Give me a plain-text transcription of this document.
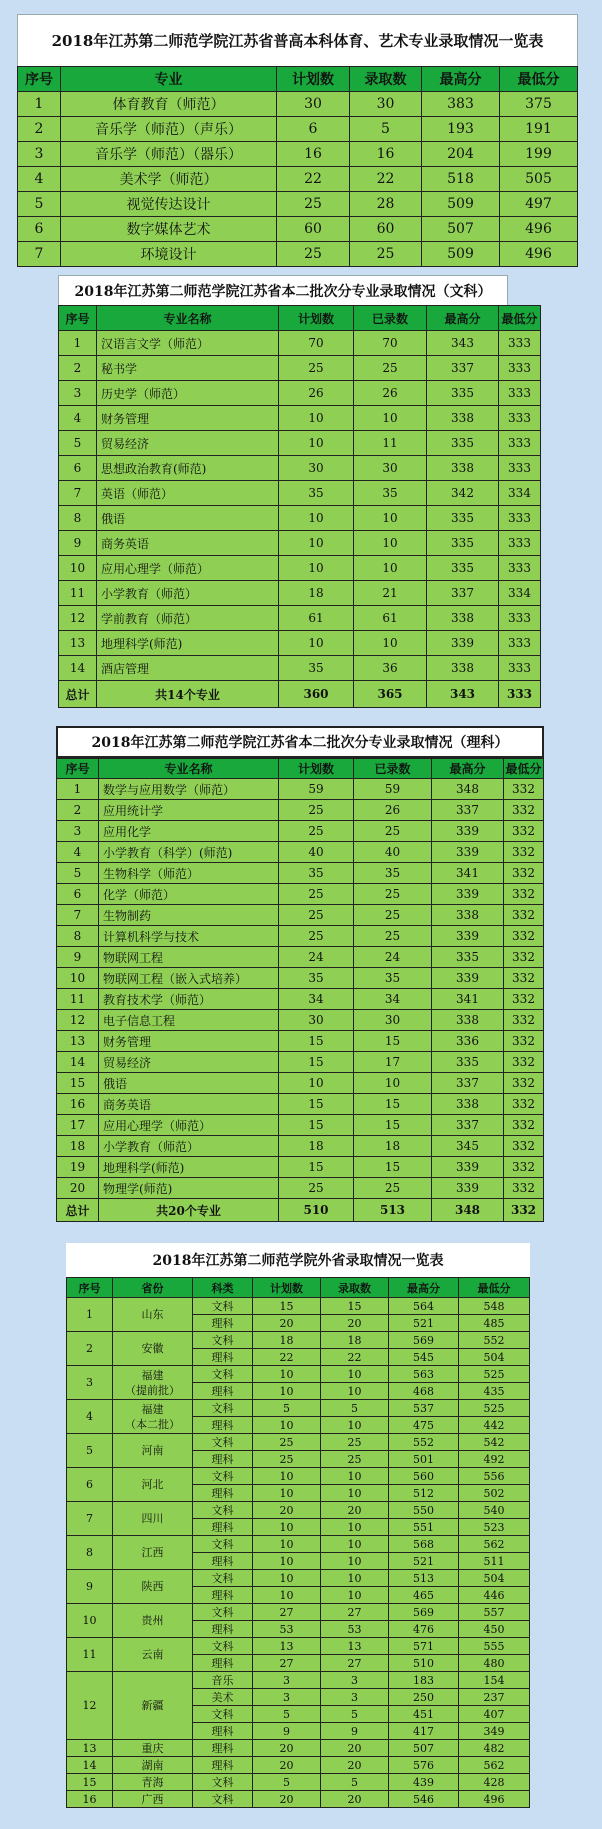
2018年江苏第二师范学院江苏省普高本科体育、艺术专业录取情况一览表
序号	专业	计划数	录取数	最高分	最低分
1	体育教育（师范）	30	30	383	375
2	音乐学（师范）（声乐）	6	5	193	191
3	音乐学（师范）（器乐）	16	16	204	199
4	美术学（师范）	22	22	518	505
5	视觉传达设计	25	28	509	497
6	数字媒体艺术	60	60	507	496
7	环境设计	25	25	509	496
2018年江苏第二师范学院江苏省本二批次分专业录取情况（文科）
序号	专业名称	计划数	已录数	最高分	最低分
1	汉语言文学（师范）	70	70	343	333
2	秘书学	25	25	337	333
3	历史学（师范）	26	26	335	333
4	财务管理	10	10	338	333
5	贸易经济	10	11	335	333
6	思想政治教育(师范)	30	30	338	333
7	英语（师范）	35	35	342	334
8	俄语	10	10	335	333
9	商务英语	10	10	335	333
10	应用心理学（师范）	10	10	335	333
11	小学教育（师范）	18	21	337	334
12	学前教育（师范）	61	61	338	333
13	地理科学(师范)	10	10	339	333
14	酒店管理	35	36	338	333
总计	共14个专业	360	365	343	333
2018年江苏第二师范学院江苏省本二批次分专业录取情况（理科）
序号	专业名称	计划数	已录数	最高分	最低分
1	数学与应用数学（师范）	59	59	348	332
2	应用统计学	25	26	337	332
3	应用化学	25	25	339	332
4	小学教育（科学）(师范)	40	40	339	332
5	生物科学（师范）	35	35	341	332
6	化学（师范）	25	25	339	332
7	生物制药	25	25	338	332
8	计算机科学与技术	25	25	339	332
9	物联网工程	24	24	335	332
10	物联网工程（嵌入式培养）	35	35	339	332
11	教育技术学（师范）	34	34	341	332
12	电子信息工程	30	30	338	332
13	财务管理	15	15	336	332
14	贸易经济	15	17	335	332
15	俄语	10	10	337	332
16	商务英语	15	15	338	332
17	应用心理学（师范）	15	15	337	332
18	小学教育（师范）	18	18	345	332
19	地理科学(师范)	15	15	339	332
20	物理学(师范)	25	25	339	332
总计	共20个专业	510	513	348	332
2018年江苏第二师范学院外省录取情况一览表
序号	省份	科类	计划数	录取数	最高分	最低分
1	山东	文科	15	15	564	548
		理科	20	20	521	485
2	安徽	文科	18	18	569	552
		理科	22	22	545	504
3	福建
（提前批）	文科	10	10	563	525
		理科	10	10	468	435
4	福建
（本二批）	文科	5	5	537	525
		理科	10	10	475	442
5	河南	文科	25	25	552	542
		理科	25	25	501	492
6	河北	文科	10	10	560	556
		理科	10	10	512	502
7	四川	文科	20	20	550	540
		理科	10	10	551	523
8	江西	文科	10	10	568	562
		理科	10	10	521	511
9	陕西	文科	10	10	513	504
		理科	10	10	465	446
10	贵州	文科	27	27	569	557
		理科	53	53	476	450
11	云南	文科	13	13	571	555
		理科	27	27	510	480
12	新疆	音乐	3	3	183	154
		美术	3	3	250	237
		文科	5	5	451	407
		理科	9	9	417	349
13	重庆	理科	20	20	507	482
14	湖南	理科	20	20	576	562
15	青海	文科	5	5	439	428
16	广西	文科	20	20	546	496
